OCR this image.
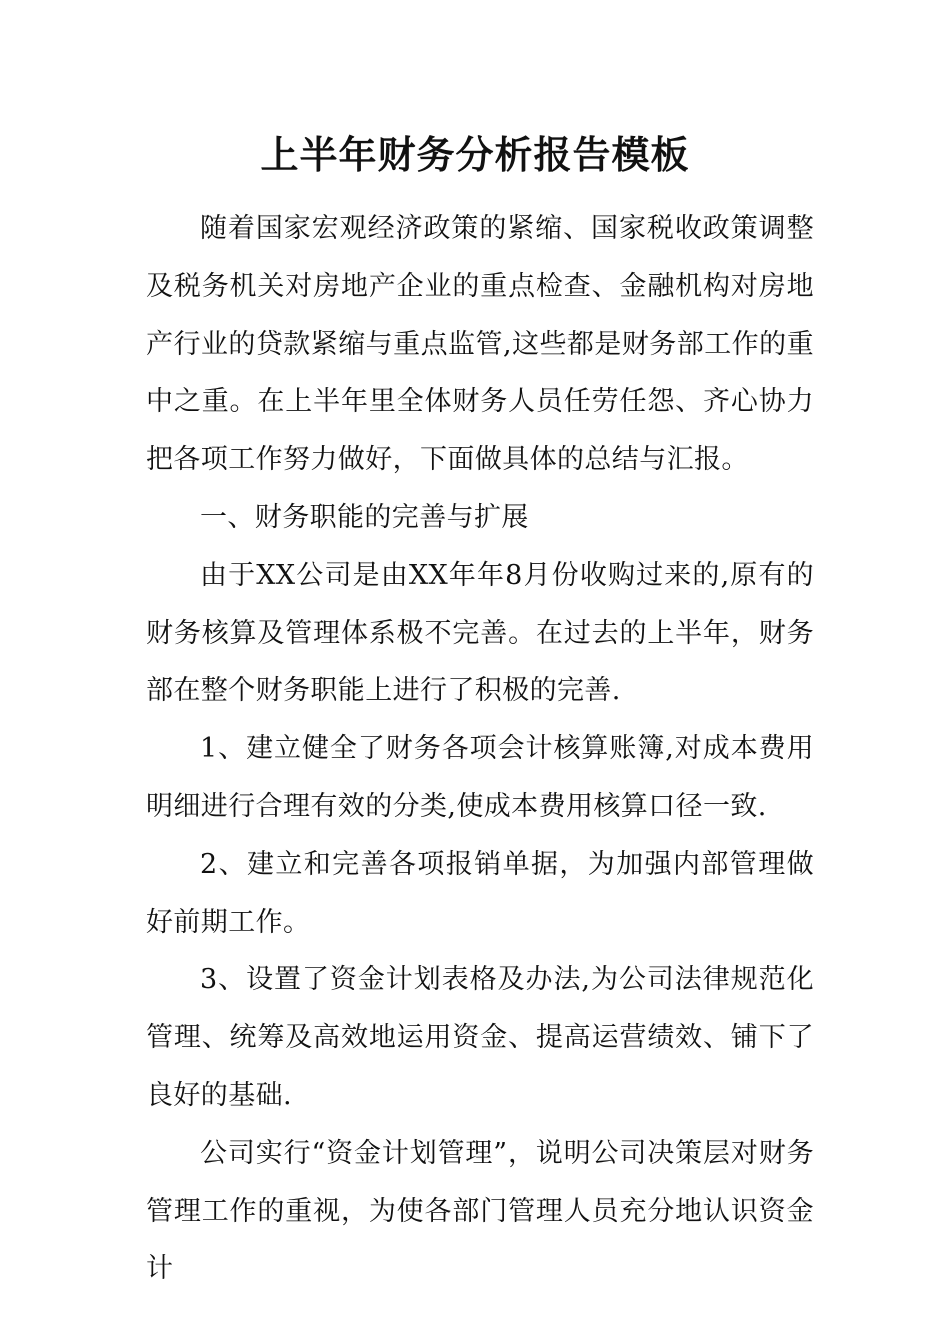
上半年财务分析报告模板

随着国家宏观经济政策的紧缩、国家税收政策调整及税务机关对房地产企业的重点检查、金融机构对房地产行业的贷款紧缩与重点监管,这些都是财务部工作的重中之重。在上半年里全体财务人员任劳任怨、齐心协力把各项工作努力做好，下面做具体的总结与汇报。

一、财务职能的完善与扩展

由于XX公司是由XX年年8月份收购过来的,原有的财务核算及管理体系极不完善。在过去的上半年，财务部在整个财务职能上进行了积极的完善.

1、建立健全了财务各项会计核算账簿,对成本费用明细进行合理有效的分类,使成本费用核算口径一致.

2、建立和完善各项报销单据，为加强内部管理做好前期工作。

3、设置了资金计划表格及办法,为公司法律规范化管理、统筹及高效地运用资金、提高运营绩效、铺下了良好的基础.

公司实行“资金计划管理”，说明公司决策层对财务管理工作的重视，为使各部门管理人员充分地认识资金计
